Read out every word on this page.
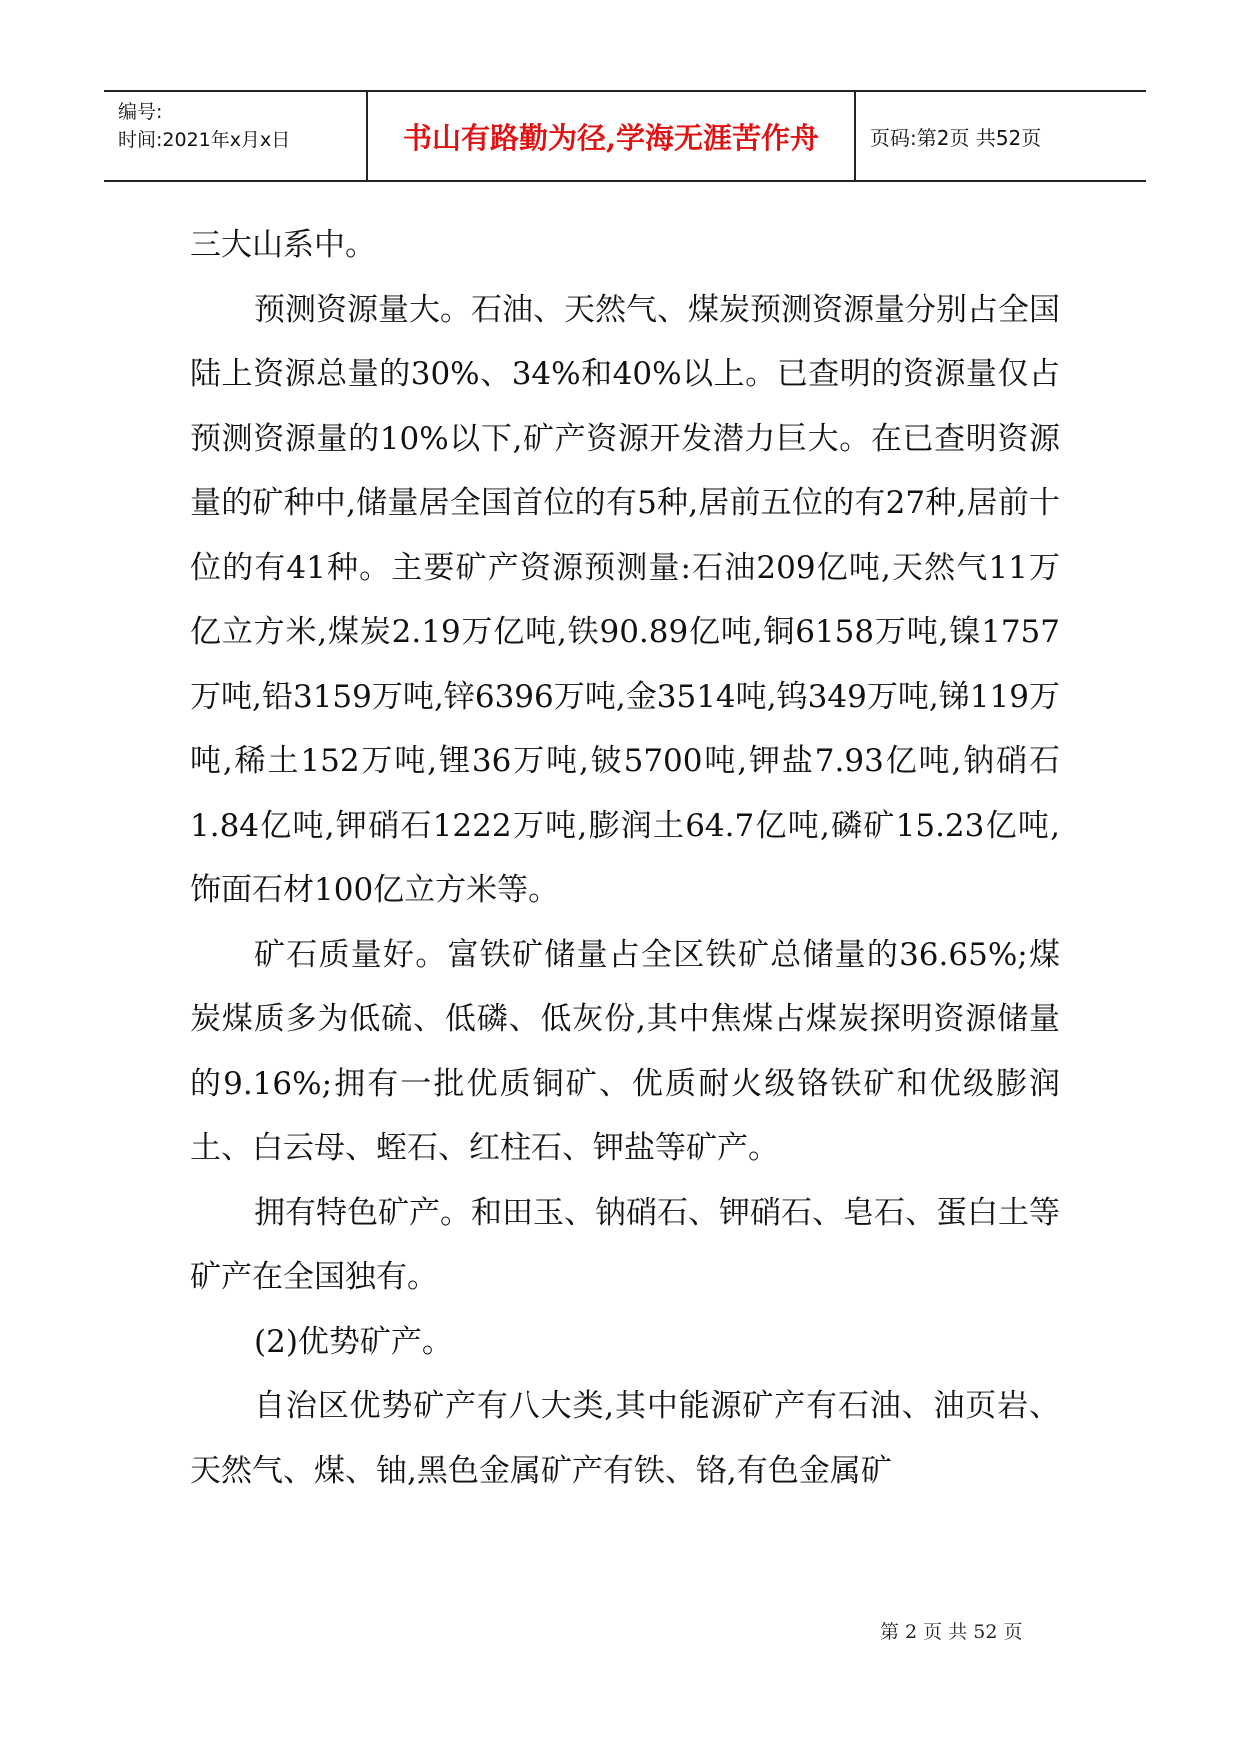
编号:
时间:2021年x月x日	书山有路勤为径,学海无涯苦作舟	页码:第2页 共52页

三大山系中。

预测资源量大。石油、天然气、煤炭预测资源量分别占全国陆上资源总量的30%、34%和40%以上。已查明的资源量仅占预测资源量的10%以下,矿产资源开发潜力巨大。在已查明资源量的矿种中,储量居全国首位的有5种,居前五位的有27种,居前十位的有41种。主要矿产资源预测量:石油209亿吨,天然气11万亿立方米,煤炭2.19万亿吨,铁90.89亿吨,铜6158万吨,镍1757万吨,铅3159万吨,锌6396万吨,金3514吨,钨349万吨,锑119万吨,稀土152万吨,锂36万吨,铍5700吨,钾盐7.93亿吨,钠硝石1.84亿吨,钾硝石1222万吨,膨润土64.7亿吨,磷矿15.23亿吨,饰面石材100亿立方米等。

矿石质量好。富铁矿储量占全区铁矿总储量的36.65%;煤炭煤质多为低硫、低磷、低灰份,其中焦煤占煤炭探明资源储量的9.16%;拥有一批优质铜矿、优质耐火级铬铁矿和优级膨润土、白云母、蛭石、红柱石、钾盐等矿产。

拥有特色矿产。和田玉、钠硝石、钾硝石、皂石、蛋白土等矿产在全国独有。

(2)优势矿产。

自治区优势矿产有八大类,其中能源矿产有石油、油页岩、天然气、煤、铀,黑色金属矿产有铁、铬,有色金属矿

第 2 页 共 52 页
